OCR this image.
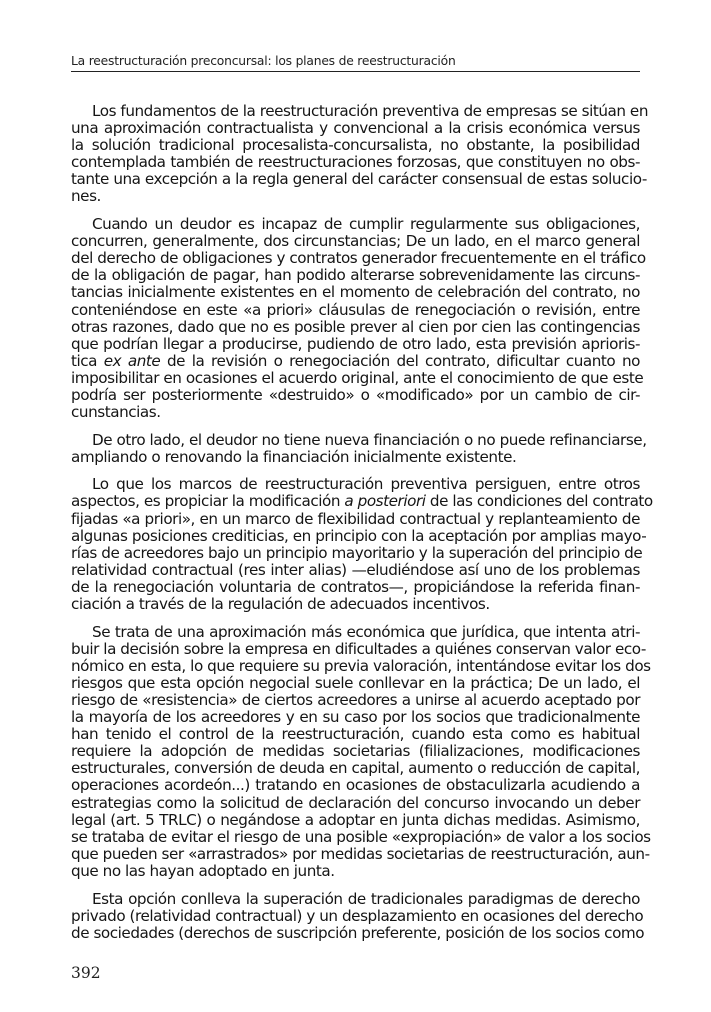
La reestructuración preconcursal: los planes de reestructuración
Los fundamentos de la reestructuración preventiva de empresas se sitúan en
una aproximación contractualista y convencional a la crisis económica versus
la solución tradicional procesalista-concursalista, no obstante, la posibilidad
contemplada también de reestructuraciones forzosas, que constituyen no obs-
tante una excepción a la regla general del carácter consensual de estas solucio-
nes.
Cuando un deudor es incapaz de cumplir regularmente sus obligaciones,
concurren, generalmente, dos circunstancias; De un lado, en el marco general
del derecho de obligaciones y contratos generador frecuentemente en el tráfico
de la obligación de pagar, han podido alterarse sobrevenidamente las circuns-
tancias inicialmente existentes en el momento de celebración del contrato, no
conteniéndose en este «a priori» cláusulas de renegociación o revisión, entre
otras razones, dado que no es posible prever al cien por cien las contingencias
que podrían llegar a producirse, pudiendo de otro lado, esta previsión aprioris-
tica ex ante de la revisión o renegociación del contrato, dificultar cuanto no
imposibilitar en ocasiones el acuerdo original, ante el conocimiento de que este
podría ser posteriormente «destruido» o «modificado» por un cambio de cir-
cunstancias.
De otro lado, el deudor no tiene nueva financiación o no puede refinanciarse,
ampliando o renovando la financiación inicialmente existente.
Lo que los marcos de reestructuración preventiva persiguen, entre otros
aspectos, es propiciar la modificación a posteriori de las condiciones del contrato
fijadas «a priori», en un marco de flexibilidad contractual y replanteamiento de
algunas posiciones crediticias, en principio con la aceptación por amplias mayo-
rías de acreedores bajo un principio mayoritario y la superación del principio de
relatividad contractual (res inter alias) —eludiéndose así uno de los problemas
de la renegociación voluntaria de contratos—, propiciándose la referida finan-
ciación a través de la regulación de adecuados incentivos.
Se trata de una aproximación más económica que jurídica, que intenta atri-
buir la decisión sobre la empresa en dificultades a quiénes conservan valor eco-
nómico en esta, lo que requiere su previa valoración, intentándose evitar los dos
riesgos que esta opción negocial suele conllevar en la práctica; De un lado, el
riesgo de «resistencia» de ciertos acreedores a unirse al acuerdo aceptado por
la mayoría de los acreedores y en su caso por los socios que tradicionalmente
han tenido el control de la reestructuración, cuando esta como es habitual
requiere la adopción de medidas societarias (filializaciones, modificaciones
estructurales, conversión de deuda en capital, aumento o reducción de capital,
operaciones acordeón...) tratando en ocasiones de obstaculizarla acudiendo a
estrategias como la solicitud de declaración del concurso invocando un deber
legal (art. 5 TRLC) o negándose a adoptar en junta dichas medidas. Asimismo,
se trataba de evitar el riesgo de una posible «expropiación» de valor a los socios
que pueden ser «arrastrados» por medidas societarias de reestructuración, aun-
que no las hayan adoptado en junta.
Esta opción conlleva la superación de tradicionales paradigmas de derecho
privado (relatividad contractual) y un desplazamiento en ocasiones del derecho
de sociedades (derechos de suscripción preferente, posición de los socios como
392
